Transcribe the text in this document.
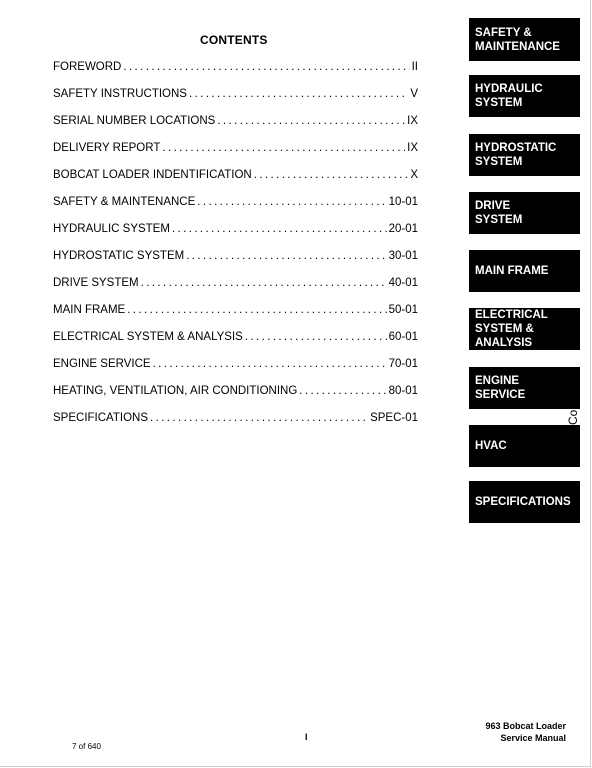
CONTENTS
FOREWORD .....	II
SAFETY INSTRUCTIONS .....	V
SERIAL NUMBER LOCATIONS .....	IX
DELIVERY REPORT .....	IX
BOBCAT LOADER INDENTIFICATION .....	X
SAFETY & MAINTENANCE .....	10-01
HYDRAULIC SYSTEM .....	20-01
HYDROSTATIC SYSTEM .....	30-01
DRIVE SYSTEM .....	40-01
MAIN FRAME .....	50-01
ELECTRICAL SYSTEM & ANALYSIS .....	60-01
ENGINE SERVICE .....	70-01
HEATING, VENTILATION, AIR CONDITIONING .....	80-01
SPECIFICATIONS .....	SPEC-01
SAFETY &
MAINTENANCE
HYDRAULIC
SYSTEM
HYDROSTATIC
SYSTEM
DRIVE
SYSTEM
MAIN FRAME
ELECTRICAL
SYSTEM &
ANALYSIS
ENGINE
SERVICE
HVAC
SPECIFICATIONS
Cont fo
I
7 of 640
963 Bobcat Loader
Service Manual
